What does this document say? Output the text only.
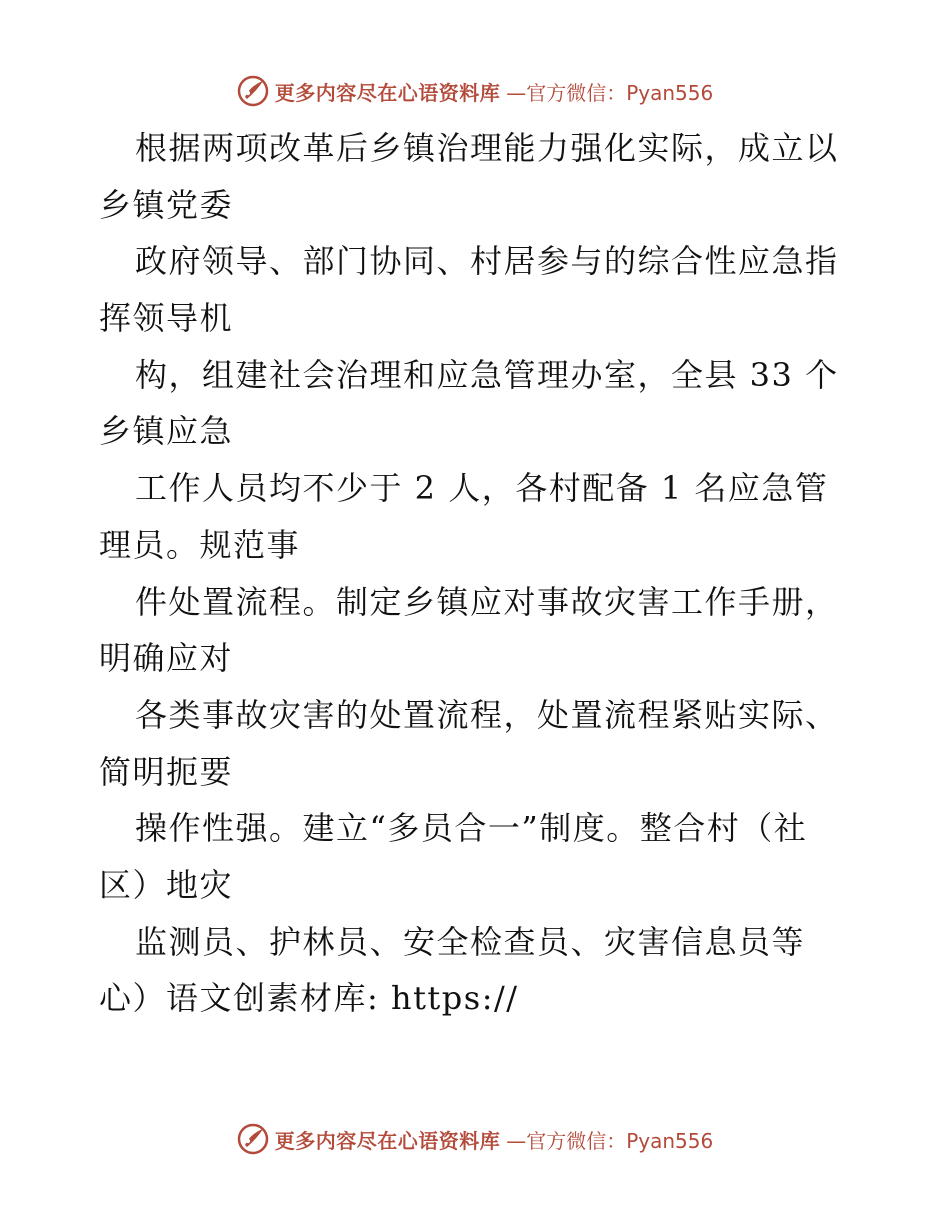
更多内容尽在心语资料库 —官方微信：Pyan556
根据两项改革后乡镇治理能力强化实际，成立以
乡镇党委
政府领导、部门协同、村居参与的综合性应急指
挥领导机
构，组建社会治理和应急管理办室，全县 33 个
乡镇应急
工作人员均不少于 2 人，各村配备 1 名应急管
理员。规范事
件处置流程。制定乡镇应对事故灾害工作手册，
明确应对
各类事故灾害的处置流程，处置流程紧贴实际、
简明扼要
操作性强。建立“多员合一”制度。整合村（社
区）地灾
监测员、护林员、安全检查员、灾害信息员等
心）语文创素材库: https://
更多内容尽在心语资料库 —官方微信：Pyan556
